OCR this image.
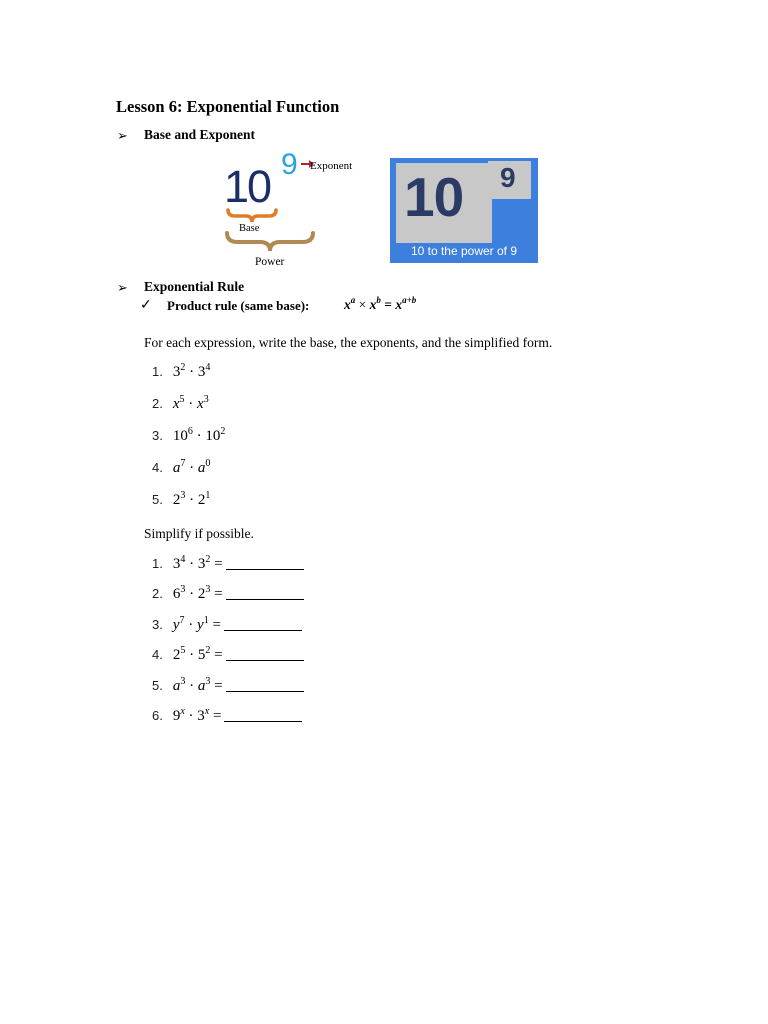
Lesson 6: Exponential Function
➢ Base and Exponent
10 9 Exponent
Base
Power
10 9
10 to the power of 9
➢ Exponential Rule
✓ Product rule (same base):	$x^a \times x^b = x^{a+b}$
For each expression, write the base, the exponents, and the simplified form.
1. $3^2 \cdot 3^4$
2. $x^5 \cdot x^3$
3. $10^6 \cdot 10^2$
4. $a^7 \cdot a^0$
5. $2^3 \cdot 2^1$
Simplify if possible.
1. $3^4 \cdot 3^2$ =
2. $6^3 \cdot 2^3$ =
3. $y^7 \cdot y^1$ =
4. $2^5 \cdot 5^2$ =
5. $a^3 \cdot a^3$ =
6. $9^x \cdot 3^x$ =
